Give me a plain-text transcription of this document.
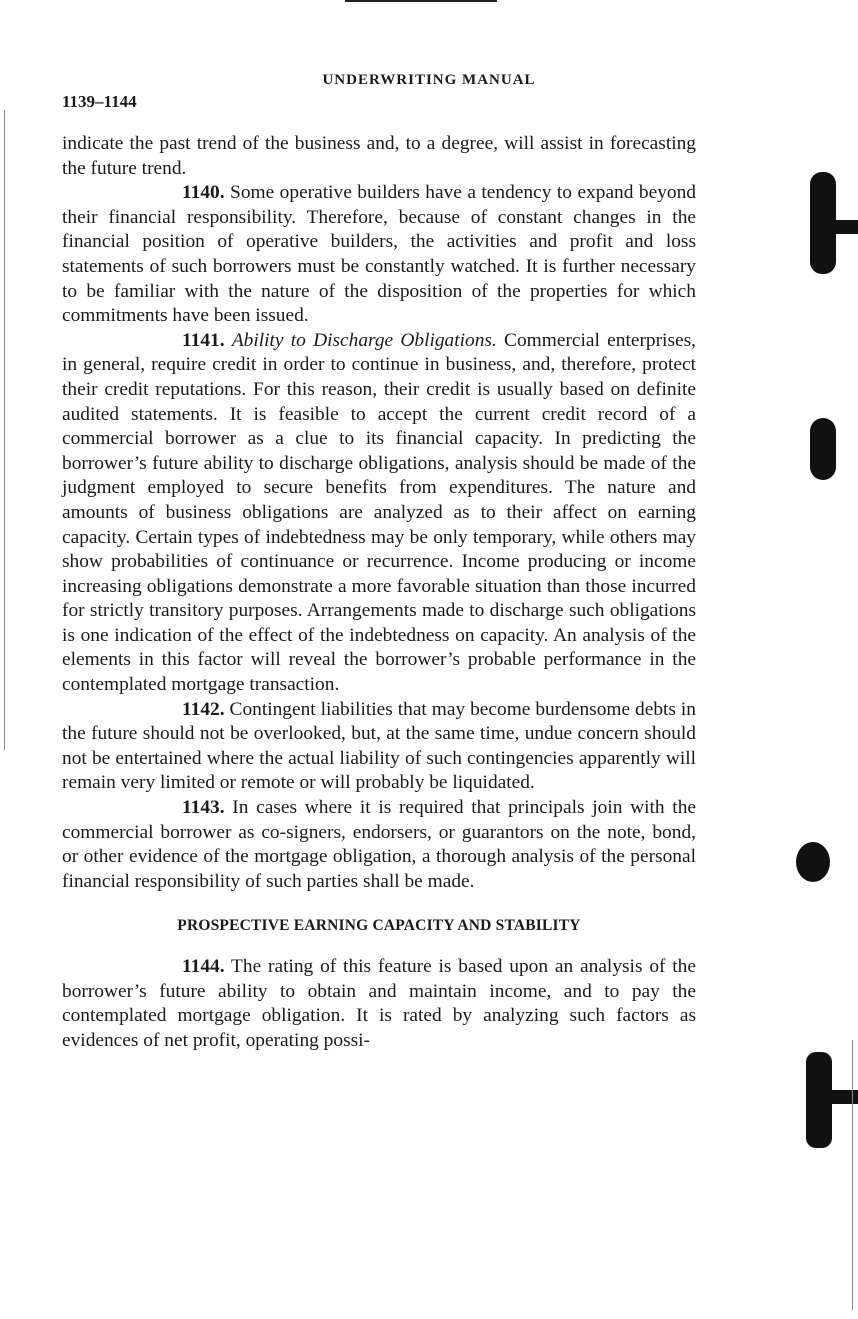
UNDERWRITING MANUAL
1139–1144

indicate the past trend of the business and, to a degree, will assist in forecasting the future trend.

1140. Some operative builders have a tendency to expand beyond their financial responsibility. Therefore, because of constant changes in the financial position of operative builders, the activities and profit and loss statements of such borrowers must be constantly watched. It is further necessary to be familiar with the nature of the disposition of the properties for which commitments have been issued.

1141. Ability to Discharge Obligations. Commercial enterprises, in general, require credit in order to continue in business, and, therefore, protect their credit reputations. For this reason, their credit is usually based on definite audited statements. It is feasible to accept the current credit record of a commercial borrower as a clue to its financial capacity. In predicting the borrower’s future ability to discharge obligations, analysis should be made of the judgment employed to secure benefits from expenditures. The nature and amounts of business obligations are analyzed as to their affect on earning capacity. Certain types of indebtedness may be only temporary, while others may show probabilities of continuance or recurrence. Income producing or income increasing obligations demonstrate a more favorable situation than those incurred for strictly transitory purposes. Arrangements made to discharge such obligations is one indication of the effect of the indebtedness on capacity. An analysis of the elements in this factor will reveal the borrower’s probable performance in the contemplated mortgage transaction.

1142. Contingent liabilities that may become burdensome debts in the future should not be overlooked, but, at the same time, undue concern should not be entertained where the actual liability of such contingencies apparently will remain very limited or remote or will probably be liquidated.

1143. In cases where it is required that principals join with the commercial borrower as co-signers, endorsers, or guarantors on the note, bond, or other evidence of the mortgage obligation, a thorough analysis of the personal financial responsibility of such parties shall be made.

PROSPECTIVE EARNING CAPACITY AND STABILITY

1144. The rating of this feature is based upon an analysis of the borrower’s future ability to obtain and maintain income, and to pay the contemplated mortgage obligation. It is rated by analyzing such factors as evidences of net profit, operating possi-
